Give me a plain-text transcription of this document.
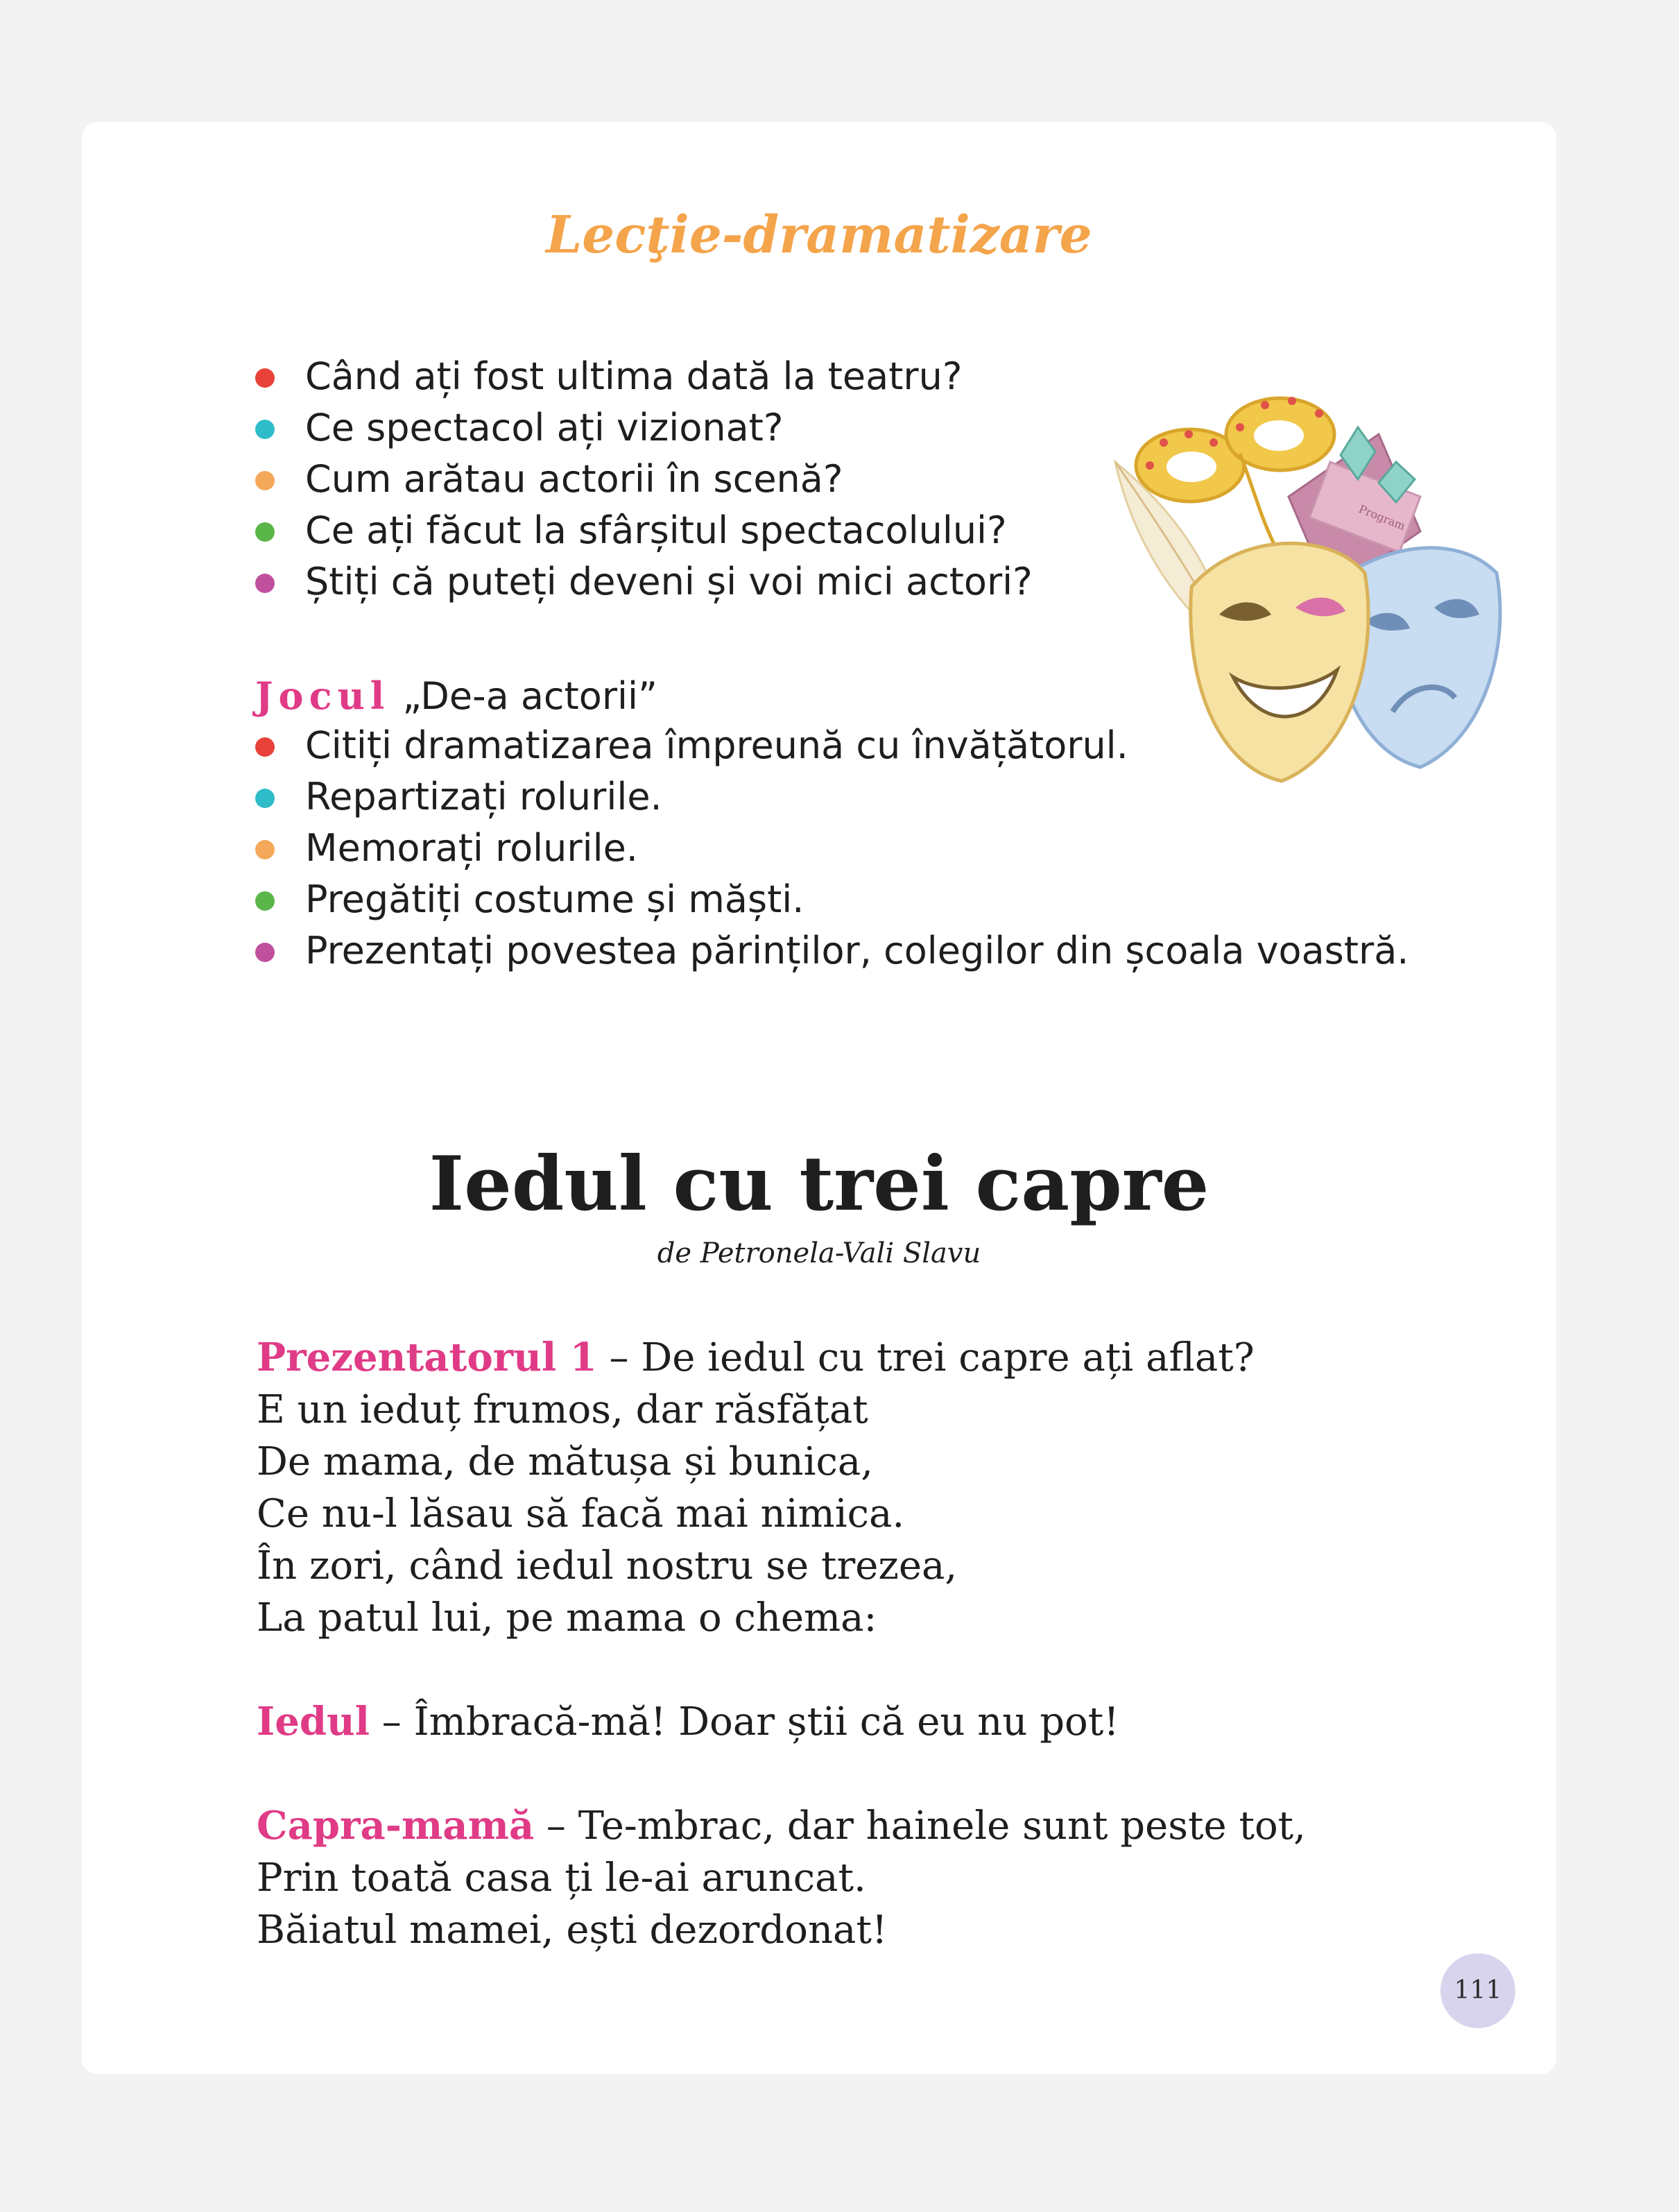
Lecţie-dramatizare
Când ați fost ultima dată la teatru?
Ce spectacol ați vizionat?
Cum arătau actorii în scenă?
Ce ați făcut la sfârșitul spectacolului?
Știți că puteți deveni și voi mici actori?
Program
Jocul „De-a actorii”
Citiți dramatizarea împreună cu învățătorul.
Repartizați rolurile.
Memorați rolurile.
Pregătiți costume și măști.
Prezentați povestea părinților, colegilor din școala voastră.
Iedul cu trei capre
de Petronela-Vali Slavu
Prezentatorul 1 – De iedul cu trei capre ați aflat?
E un ieduț frumos, dar răsfățat
De mama, de mătușa și bunica,
Ce nu-l lăsau să facă mai nimica.
În zori, când iedul nostru se trezea,
La patul lui, pe mama o chema:
Iedul – Îmbracă-mă! Doar știi că eu nu pot!
Capra-mamă – Te-mbrac, dar hainele sunt peste tot,
Prin toată casa ți le-ai aruncat.
Băiatul mamei, ești dezordonat!
111
